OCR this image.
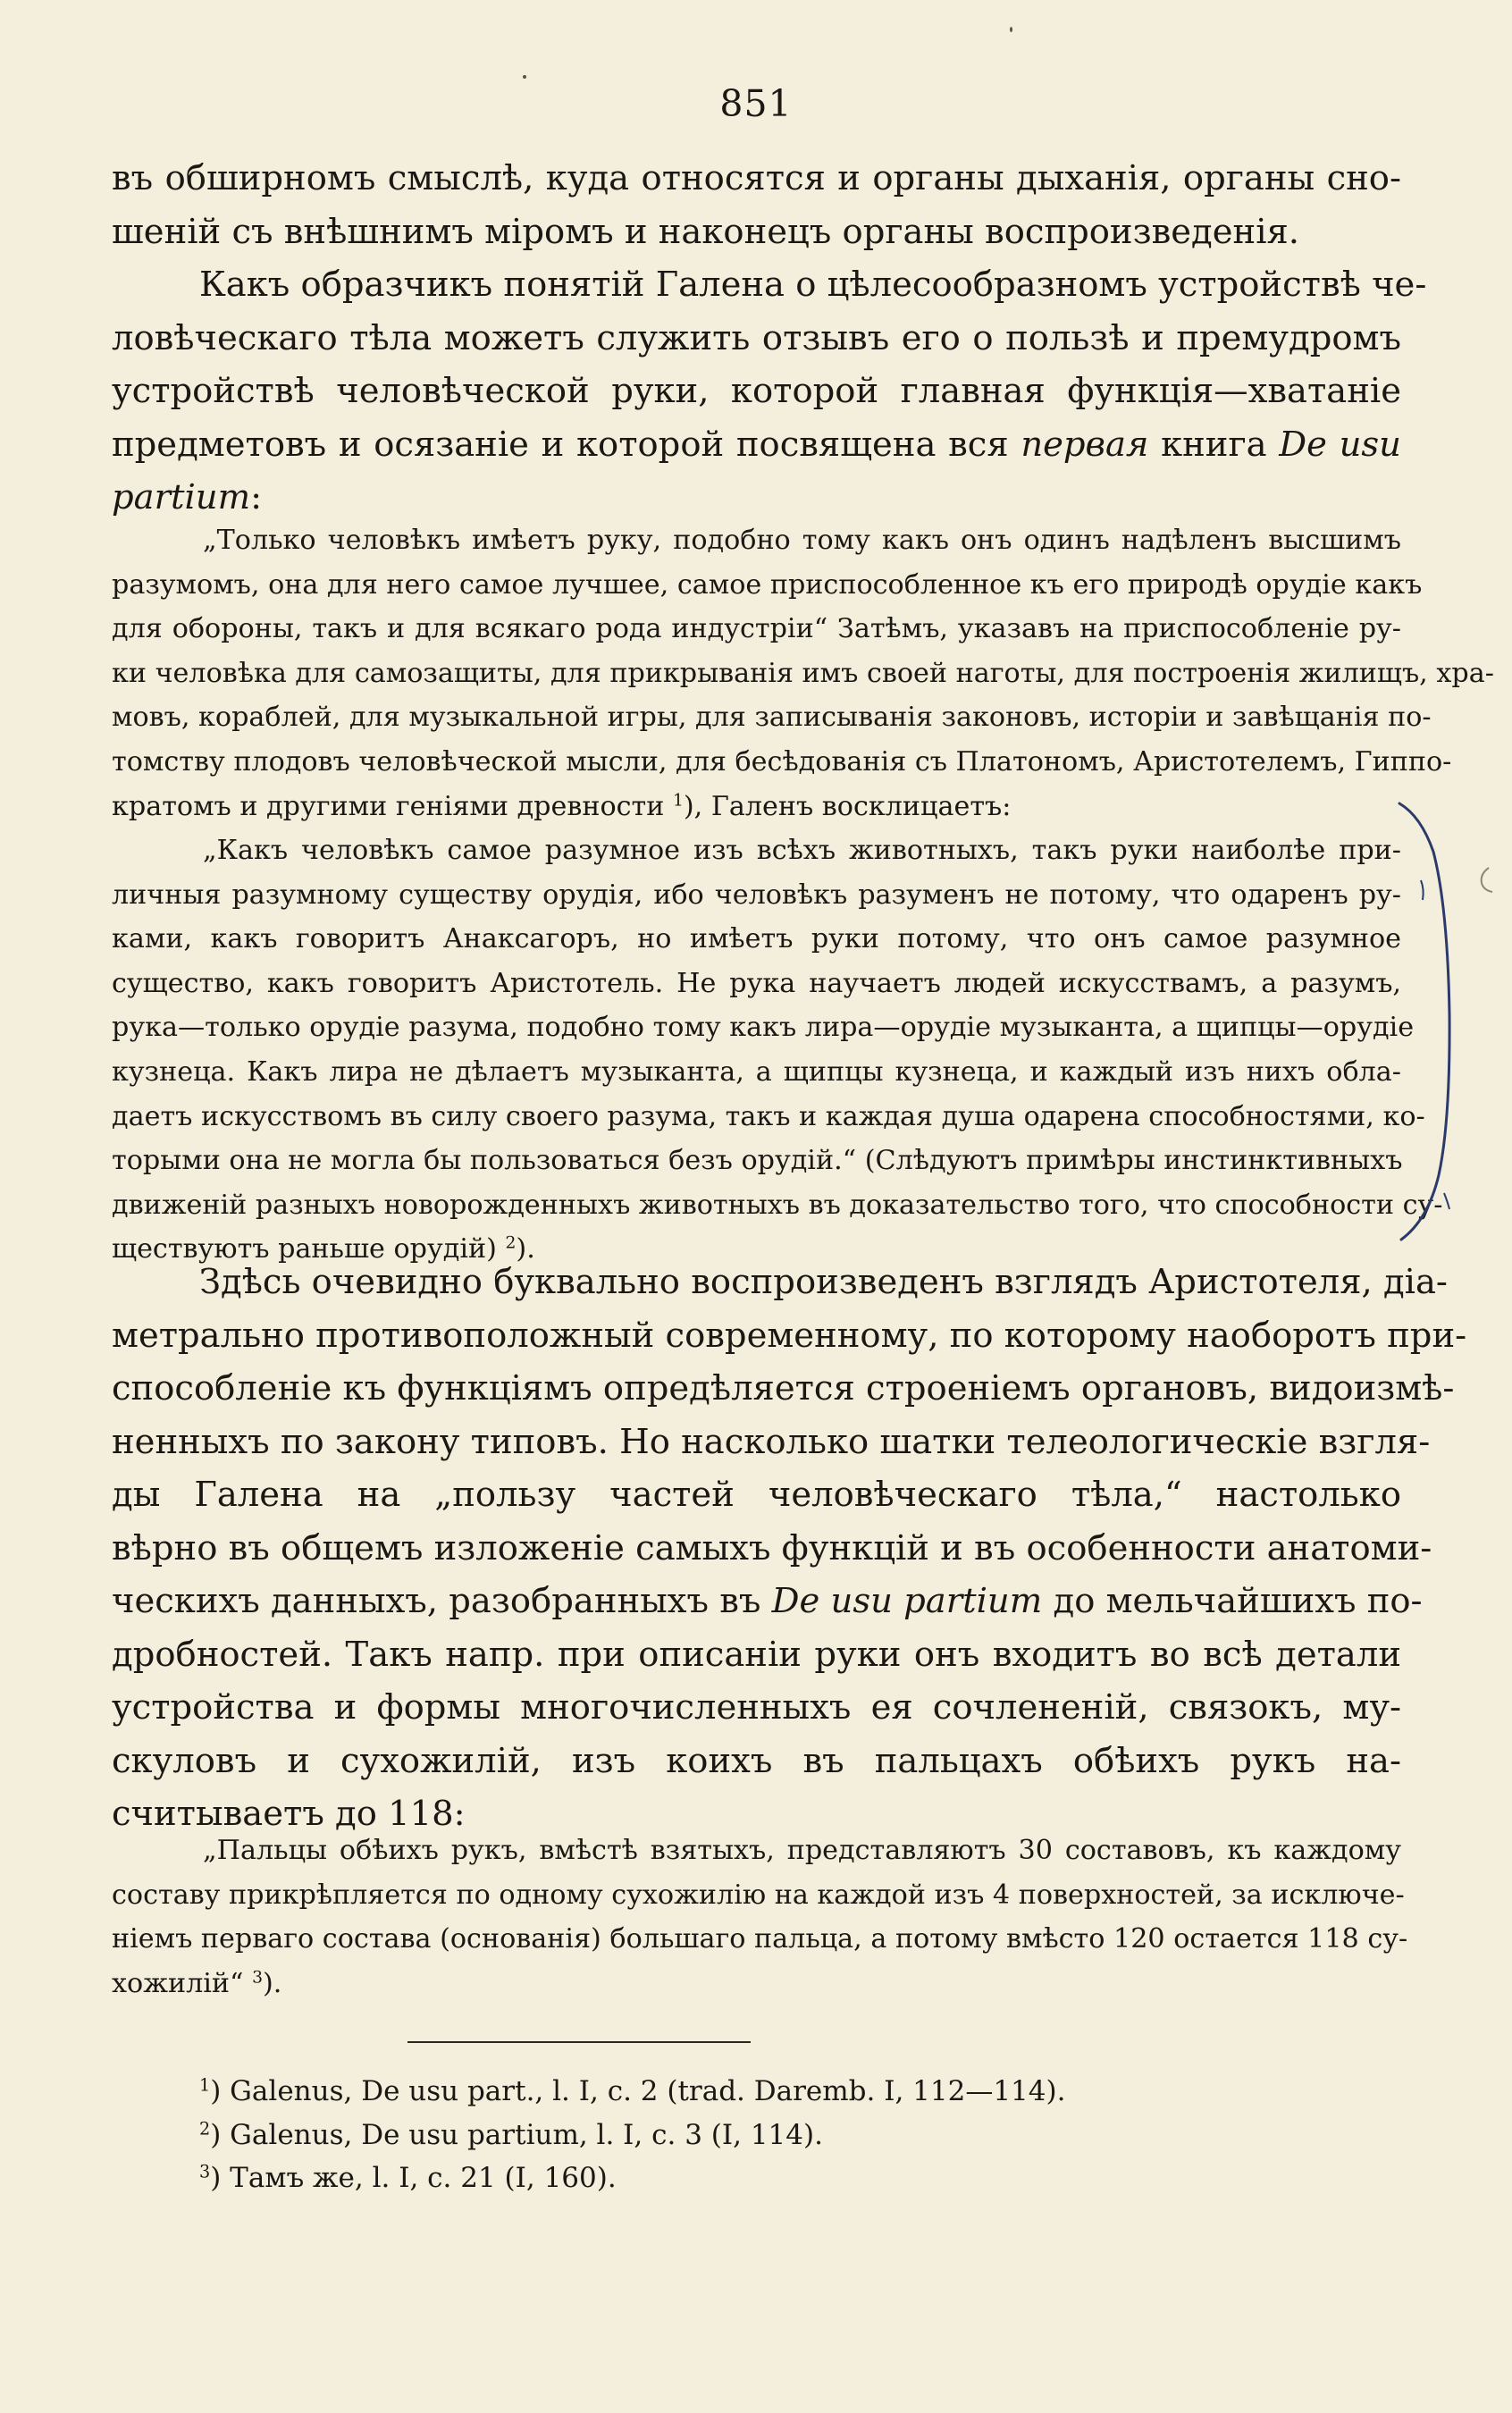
851
въ обширномъ смыслѣ, куда относятся и органы дыханія, органы сно-
шеній съ внѣшнимъ міромъ и наконецъ органы воспроизведенія.
Какъ образчикъ понятій Галена о цѣлесообразномъ устройствѣ че-
ловѣческаго тѣла можетъ служить отзывъ его о пользѣ и премудромъ
устройствѣ человѣческой руки, которой главная функція—хватаніе
предметовъ и осязаніе и которой посвящена вся первая книга De usu
partium:
„Только человѣкъ имѣетъ руку, подобно тому какъ онъ одинъ надѣленъ высшимъ
разумомъ, она для него самое лучшее, самое приспособленное къ его природѣ орудіе какъ
для обороны, такъ и для всякаго рода индустріи“ Затѣмъ, указавъ на приспособленіе ру-
ки человѣка для самозащиты, для прикрыванія имъ своей наготы, для построенія жилищъ, хра-
мовъ, кораблей, для музыкальной игры, для записыванія законовъ, исторіи и завѣщанія по-
томству плодовъ человѣческой мысли, для бесѣдованія съ Платономъ, Аристотелемъ, Гиппо-
кратомъ и другими геніями древности $^1$), Галенъ восклицаетъ:
„Какъ человѣкъ самое разумное изъ всѣхъ животныхъ, такъ руки наиболѣе при-
личныя разумному существу орудія, ибо человѣкъ разуменъ не потому, что одаренъ ру-
ками, какъ говоритъ Анаксагоръ, но имѣетъ руки потому, что онъ самое разумное
существо, какъ говоритъ Аристотель. Не рука научаетъ людей искусствамъ, а разумъ,
рука—только орудіе разума, подобно тому какъ лира—орудіе музыканта, а щипцы—орудіе
кузнеца. Какъ лира не дѣлаетъ музыканта, а щипцы кузнеца, и каждый изъ нихъ обла-
даетъ искусствомъ въ силу своего разума, такъ и каждая душа одарена способностями, ко-
торыми она не могла бы пользоваться безъ орудій.“ (Слѣдуютъ примѣры инстинктивныхъ
движеній разныхъ новорожденныхъ животныхъ въ доказательство того, что способности су-
ществуютъ раньше орудій) $^2$).
Здѣсь очевидно буквально воспроизведенъ взглядъ Аристотеля, діа-
метрально противоположный современному, по которому наоборотъ при-
способленіе къ функціямъ опредѣляется строеніемъ органовъ, видоизмѣ-
ненныхъ по закону типовъ. Но насколько шатки телеологическіе взгля-
ды Галена на „пользу частей человѣческаго тѣла,“ настолько
вѣрно въ общемъ изложеніе самыхъ функцій и въ особенности анатоми-
ческихъ данныхъ, разобранныхъ въ De usu partium до мельчайшихъ по-
дробностей. Такъ напр. при описаніи руки онъ входитъ во всѣ детали
устройства и формы многочисленныхъ ея сочлененій, связокъ, му-
скуловъ и сухожилій, изъ коихъ въ пальцахъ обѣихъ рукъ на-
считываетъ до 118:
„Пальцы обѣихъ рукъ, вмѣстѣ взятыхъ, представляютъ 30 составовъ, къ каждому
составу прикрѣпляется по одному сухожилію на каждой изъ 4 поверхностей, за исключе-
ніемъ перваго состава (основанія) большаго пальца, а потому вмѣсто 120 остается 118 су-
хожилій“ $^3$).
$^1$) Galenus, De usu part., l. I, c. 2 (trad. Daremb. I, 112—114).
$^2$) Galenus, De usu partium, l. I, c. 3 (I, 114).
$^3$) Тамъ же, l. I, c. 21 (I, 160).
